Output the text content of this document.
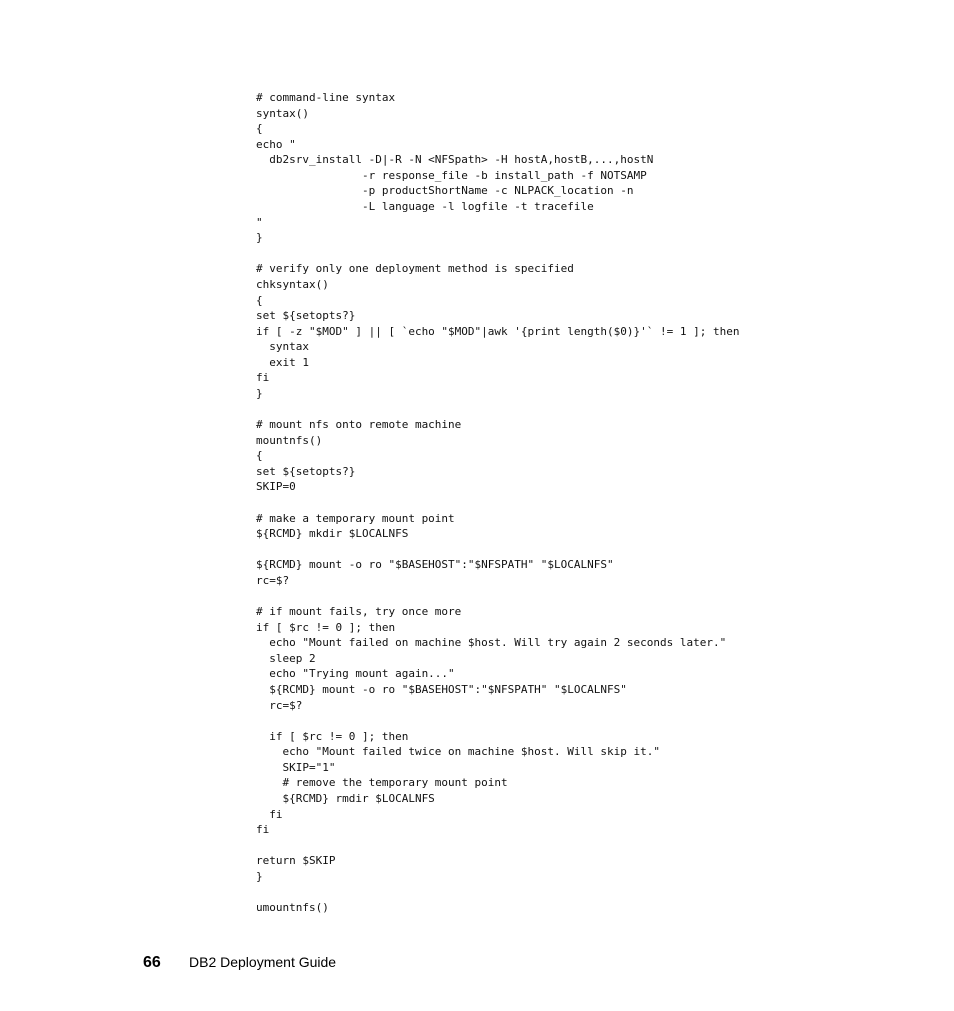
# command-line syntax
syntax()
{
echo "
db2srv_install -D|-R -N <NFSpath> -H hostA,hostB,...,hostN
-r response_file -b install_path -f NOTSAMP
-p productShortName -c NLPACK_location -n
-L language -l logfile -t tracefile
"
}
# verify only one deployment method is specified
chksyntax()
{
set ${setopts?}
if [ -z "$MOD" ] || [ `echo "$MOD"|awk '{print length($0)}'` != 1 ]; then
syntax
exit 1
fi
}
# mount nfs onto remote machine
mountnfs()
{
set ${setopts?}
SKIP=0
# make a temporary mount point
${RCMD} mkdir $LOCALNFS
${RCMD} mount -o ro "$BASEHOST":"$NFSPATH" "$LOCALNFS"
rc=$?
# if mount fails, try once more
if [ $rc != 0 ]; then
echo "Mount failed on machine $host. Will try again 2 seconds later."
sleep 2
echo "Trying mount again..."
${RCMD} mount -o ro "$BASEHOST":"$NFSPATH" "$LOCALNFS"
rc=$?
if [ $rc != 0 ]; then
echo "Mount failed twice on machine $host. Will skip it."
SKIP="1"
# remove the temporary mount point
${RCMD} rmdir $LOCALNFS
fi
fi
return $SKIP
}
umountnfs()
66	DB2 Deployment Guide
